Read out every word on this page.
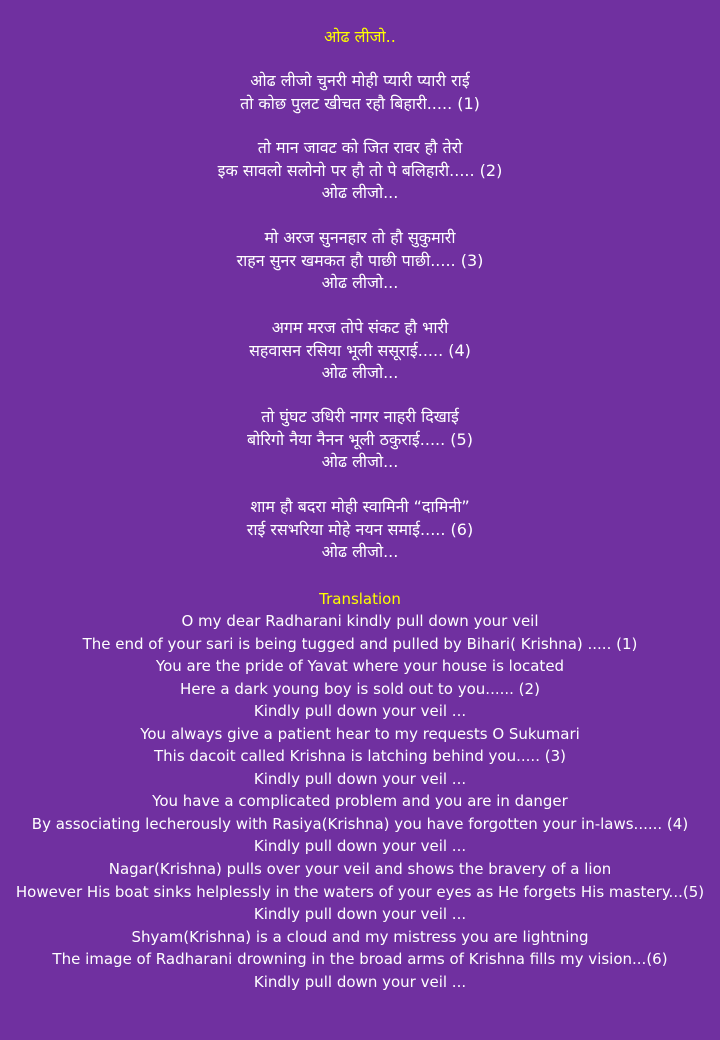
ओढ लीजो..
ओढ लीजो चुनरी मोही प्यारी प्यारी राई
तो कोछ पुलट खीचत रहौ बिहारी..... (1)
तो मान जावट को जित रावर हौ तेरो
इक सावलो सलोनो पर हौ तो पे बलिहारी..... (2)
ओढ लीजो...
मो अरज सुननहार तो हौ सुकुमारी
राहन सुनर खमकत हौ पाछी पाछी..... (3)
ओढ लीजो...
अगम मरज तोपे संकट हौ भारी
सहवासन रसिया भूली ससूराई..... (4)
ओढ लीजो...
तो घुंघट उधिरी नागर नाहरी दिखाई
बोरिगो नैया नैनन भूली ठकुराई..... (5)
ओढ लीजो...
शाम हौ बदरा मोही स्वामिनी “दामिनी”
राई रसभरिया मोहे नयन समाई..... (6)
ओढ लीजो...
Translation
O my dear Radharani kindly pull down your veil
The end of your sari is being tugged and pulled by Bihari( Krishna) ..... (1)
You are the pride of Yavat where your house is located
Here a dark young boy is sold out to you...... (2)
Kindly pull down your veil ...
You always give a patient hear to my requests O Sukumari
This dacoit called Krishna is latching behind you..... (3)
Kindly pull down your veil ...
You have a complicated problem and you are in danger
By associating lecherously with Rasiya(Krishna) you have forgotten your in-laws...... (4)
Kindly pull down your veil ...
Nagar(Krishna) pulls over your veil and shows the bravery of a lion
However His boat sinks helplessly in the waters of your eyes as He forgets His mastery...(5)
Kindly pull down your veil ...
Shyam(Krishna) is a cloud and my mistress you are lightning
The image of Radharani drowning in the broad arms of Krishna fills my vision...(6)
Kindly pull down your veil ...
